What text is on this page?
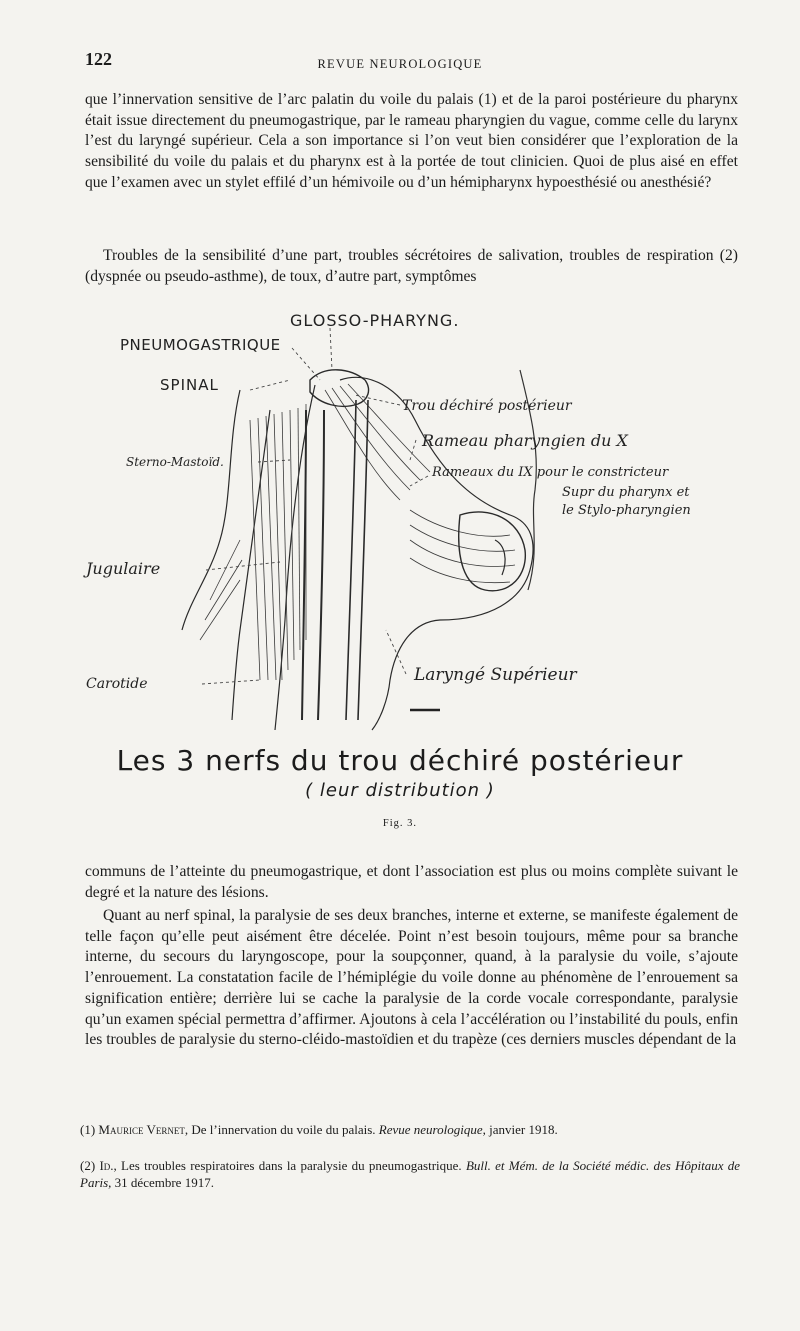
122	REVUE NEUROLOGIQUE

que l’innervation sensitive de l’arc palatin du voile du palais (1) et de la paroi postérieure du pharynx était issue directement du pneumogastrique, par le rameau pharyngien du vague, comme celle du larynx l’est du laryngé supérieur. Cela a son importance si l’on veut bien considérer que l’exploration de la sensibilité du voile du palais et du pharynx est à la portée de tout clinicien. Quoi de plus aisé en effet que l’examen avec un stylet effilé d’un hémivoile ou d’un hémipharynx hypoesthésié ou anesthésié?

Troubles de la sensibilité d’une part, troubles sécrétoires de salivation, troubles de respiration (2) (dyspnée ou pseudo-asthme), de toux, d’autre part, symptômes

GLOSSO-PHARYNG.
PNEUMOGASTRIQUE
SPINAL
Sterno-Mastoïd.
Jugulaire
Carotide
Trou déchiré postérieur
Rameau pharyngien du X
Rameaux du IX pour le constricteur
Supr du pharynx et
le Stylo-pharyngien
Laryngé Supérieur
Les 3 nerfs du trou déchiré postérieur
( leur distribution )
Fig. 3.

communs de l’atteinte du pneumogastrique, et dont l’association est plus ou moins complète suivant le degré et la nature des lésions.

Quant au nerf spinal, la paralysie de ses deux branches, interne et externe, se manifeste également de telle façon qu’elle peut aisément être décelée. Point n’est besoin toujours, même pour sa branche interne, du secours du laryngoscope, pour la soupçonner, quand, à la paralysie du voile, s’ajoute l’enrouement. La constatation facile de l’hémiplégie du voile donne au phénomène de l’enrouement sa signification entière; derrière lui se cache la paralysie de la corde vocale correspondante, paralysie qu’un examen spécial permettra d’affirmer. Ajoutons à cela l’accélération ou l’instabilité du pouls, enfin les troubles de paralysie du sterno-cléido-mastoïdien et du trapèze (ces derniers muscles dépendant de la

(1) Maurice Vernet, De l’innervation du voile du palais. Revue neurologique, janvier 1918.

(2) Id., Les troubles respiratoires dans la paralysie du pneumogastrique. Bull. et Mém. de la Société médic. des Hôpitaux de Paris, 31 décembre 1917.
